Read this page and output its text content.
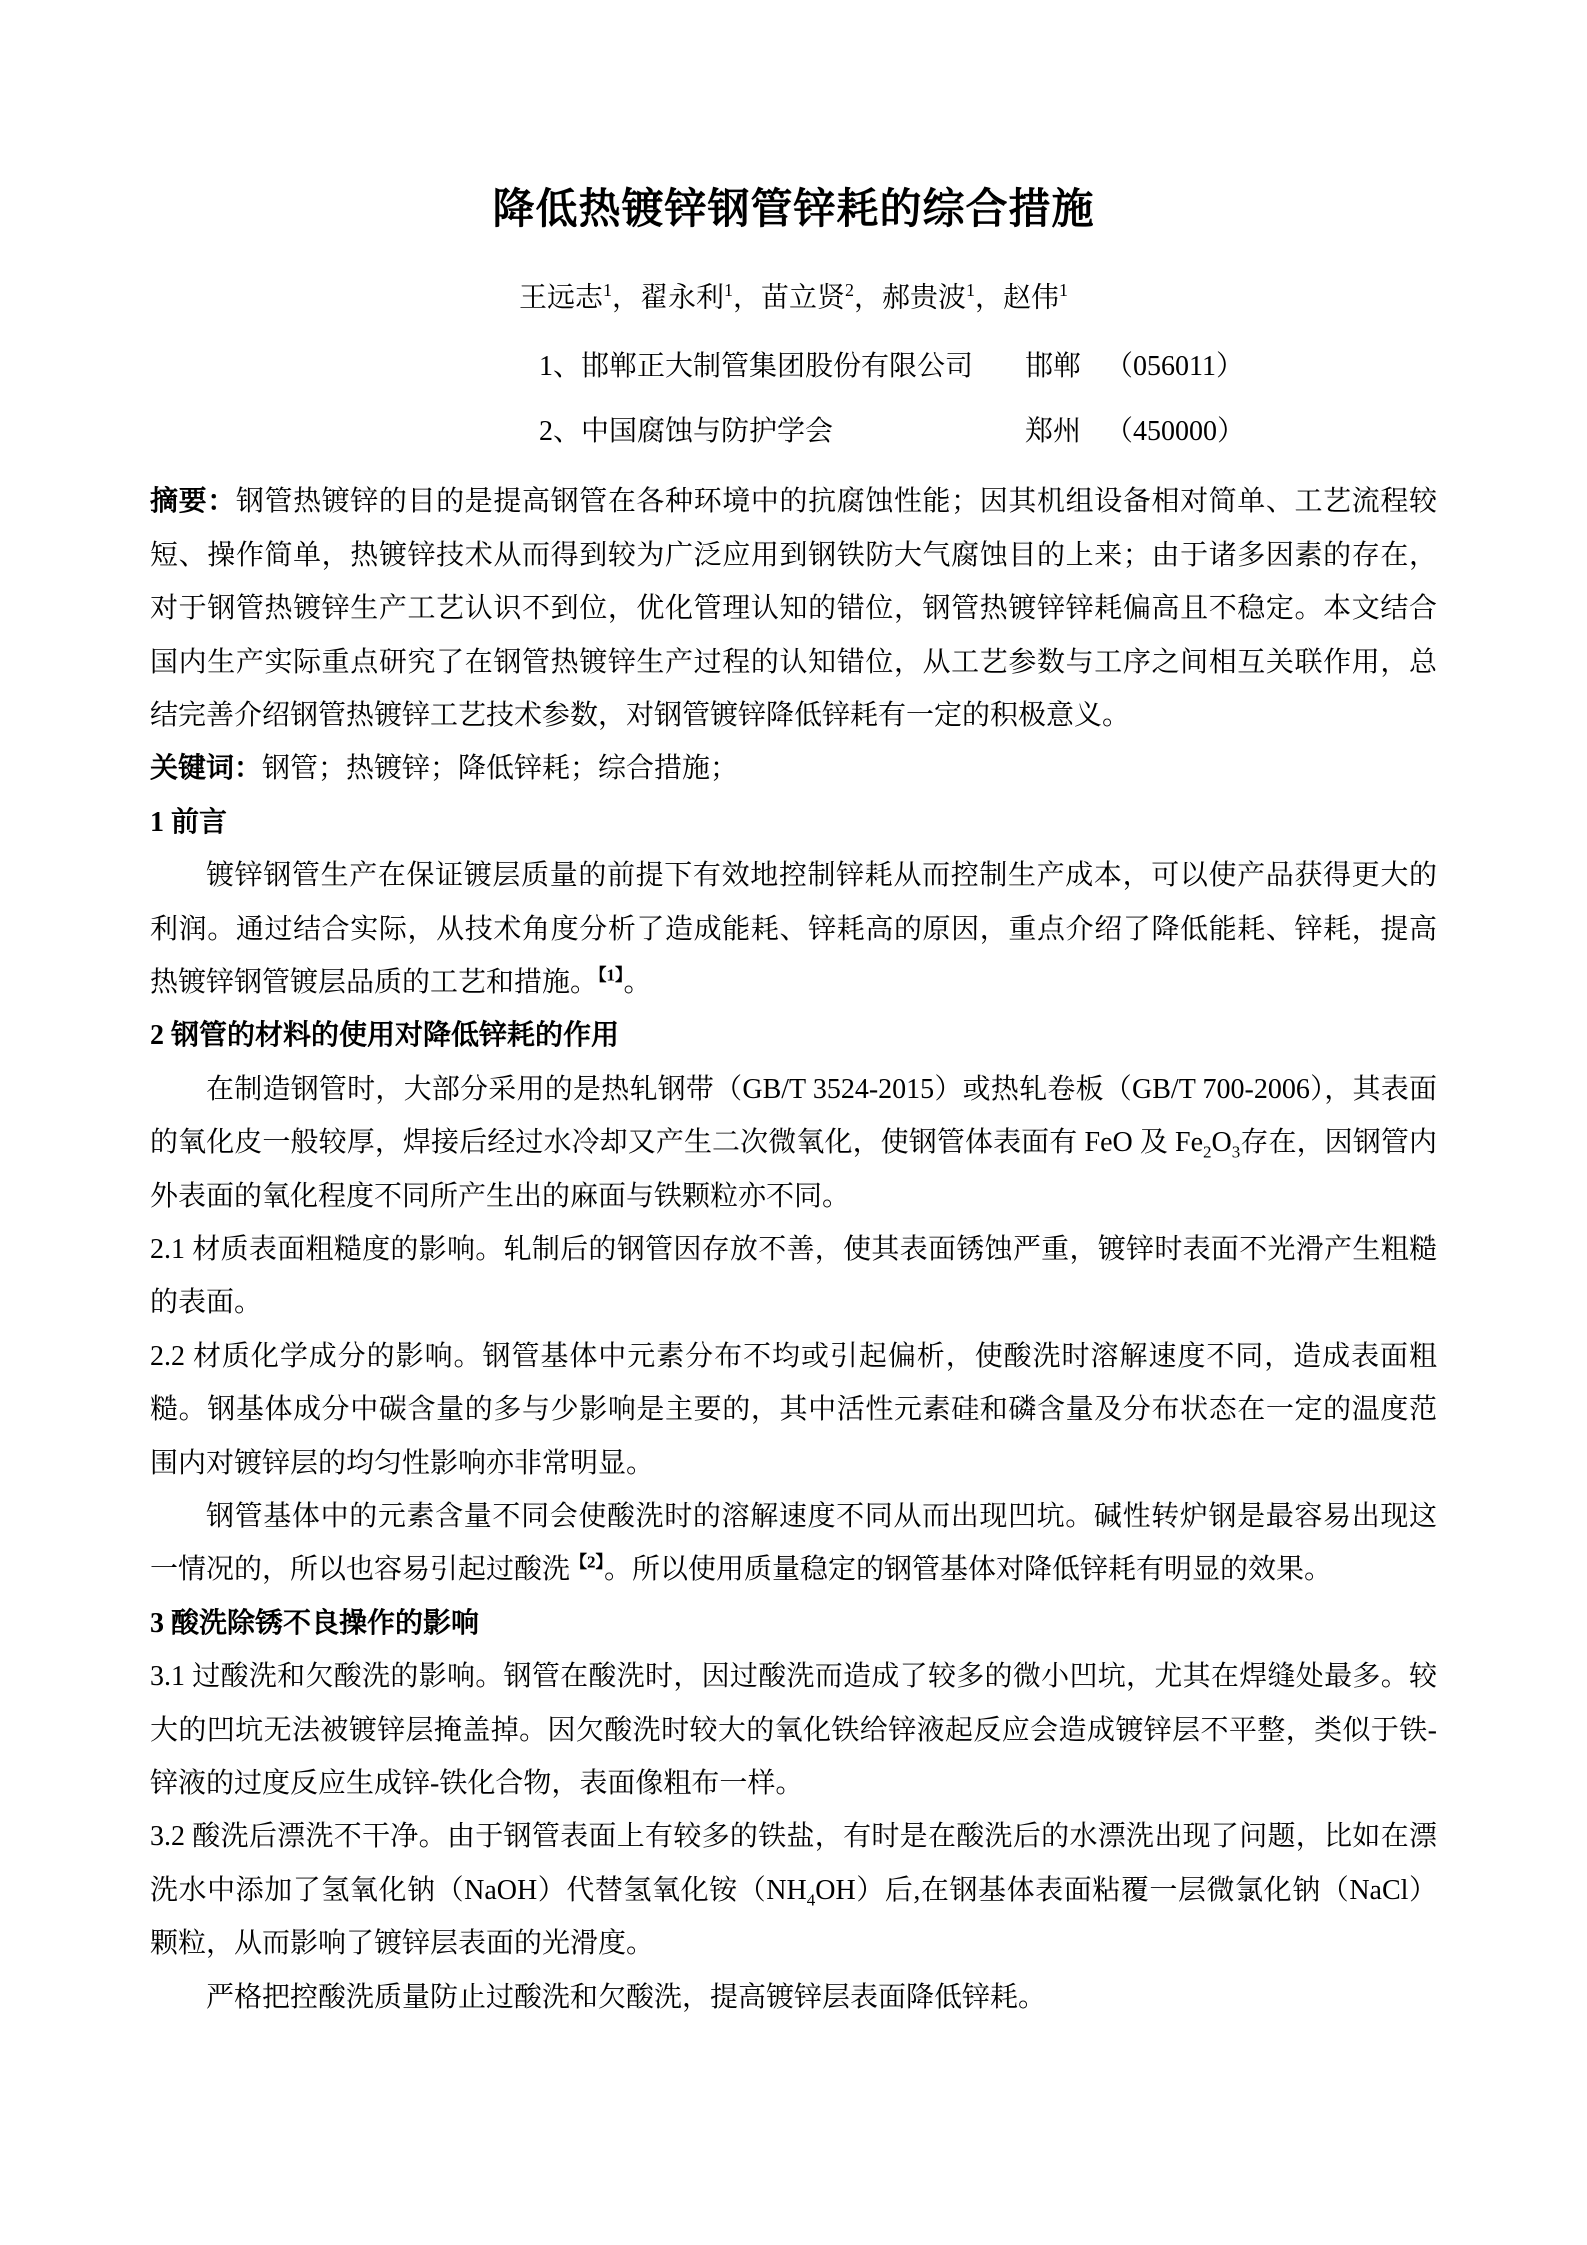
降低热镀锌钢管锌耗的综合措施
王远志$^1$，翟永利$^1$，苗立贤$^2$，郝贵波$^1$，赵伟$^1$
1、邯郸正大制管集团股份有限公司	邯郸 （056011）
2、中国腐蚀与防护学会	郑州 （450000）

摘要：钢管热镀锌的目的是提高钢管在各种环境中的抗腐蚀性能；因其机组设备相对简单、工艺流程较短、操作简单，热镀锌技术从而得到较为广泛应用到钢铁防大气腐蚀目的上来；由于诸多因素的存在，对于钢管热镀锌生产工艺认识不到位，优化管理认知的错位，钢管热镀锌锌耗偏高且不稳定。本文结合国内生产实际重点研究了在钢管热镀锌生产过程的认知错位，从工艺参数与工序之间相互关联作用，总结完善介绍钢管热镀锌工艺技术参数，对钢管镀锌降低锌耗有一定的积极意义。

关键词：钢管；热镀锌；降低锌耗；综合措施；

1 前言

镀锌钢管生产在保证镀层质量的前提下有效地控制锌耗从而控制生产成本，可以使产品获得更大的利润。通过结合实际，从技术角度分析了造成能耗、锌耗高的原因，重点介绍了降低能耗、锌耗，提高热镀锌钢管镀层品质的工艺和措施。$^{【1】}$。

2 钢管的材料的使用对降低锌耗的作用

在制造钢管时，大部分采用的是热轧钢带（GB/T 3524-2015）或热轧卷板（GB/T 700-2006），其表面的氧化皮一般较厚，焊接后经过水冷却又产生二次微氧化，使钢管体表面有 FeO 及 $Fe_2O_3$存在，因钢管内外表面的氧化程度不同所产生出的麻面与铁颗粒亦不同。

2.1 材质表面粗糙度的影响。轧制后的钢管因存放不善，使其表面锈蚀严重，镀锌时表面不光滑产生粗糙的表面。

2.2 材质化学成分的影响。钢管基体中元素分布不均或引起偏析，使酸洗时溶解速度不同，造成表面粗糙。钢基体成分中碳含量的多与少影响是主要的，其中活性元素硅和磷含量及分布状态在一定的温度范围内对镀锌层的均匀性影响亦非常明显。

钢管基体中的元素含量不同会使酸洗时的溶解速度不同从而出现凹坑。碱性转炉钢是最容易出现这一情况的，所以也容易引起过酸洗$^{【2】}$。所以使用质量稳定的钢管基体对降低锌耗有明显的效果。

3 酸洗除锈不良操作的影响

3.1 过酸洗和欠酸洗的影响。钢管在酸洗时，因过酸洗而造成了较多的微小凹坑，尤其在焊缝处最多。较大的凹坑无法被镀锌层掩盖掉。因欠酸洗时较大的氧化铁给锌液起反应会造成镀锌层不平整，类似于铁-锌液的过度反应生成锌-铁化合物，表面像粗布一样。

3.2 酸洗后漂洗不干净。由于钢管表面上有较多的铁盐，有时是在酸洗后的水漂洗出现了问题，比如在漂洗水中添加了氢氧化钠（NaOH）代替氢氧化铵$(NH_4OH)$后,在钢基体表面粘覆一层微氯化钠（NaCl）颗粒，从而影响了镀锌层表面的光滑度。

严格把控酸洗质量防止过酸洗和欠酸洗，提高镀锌层表面降低锌耗。
